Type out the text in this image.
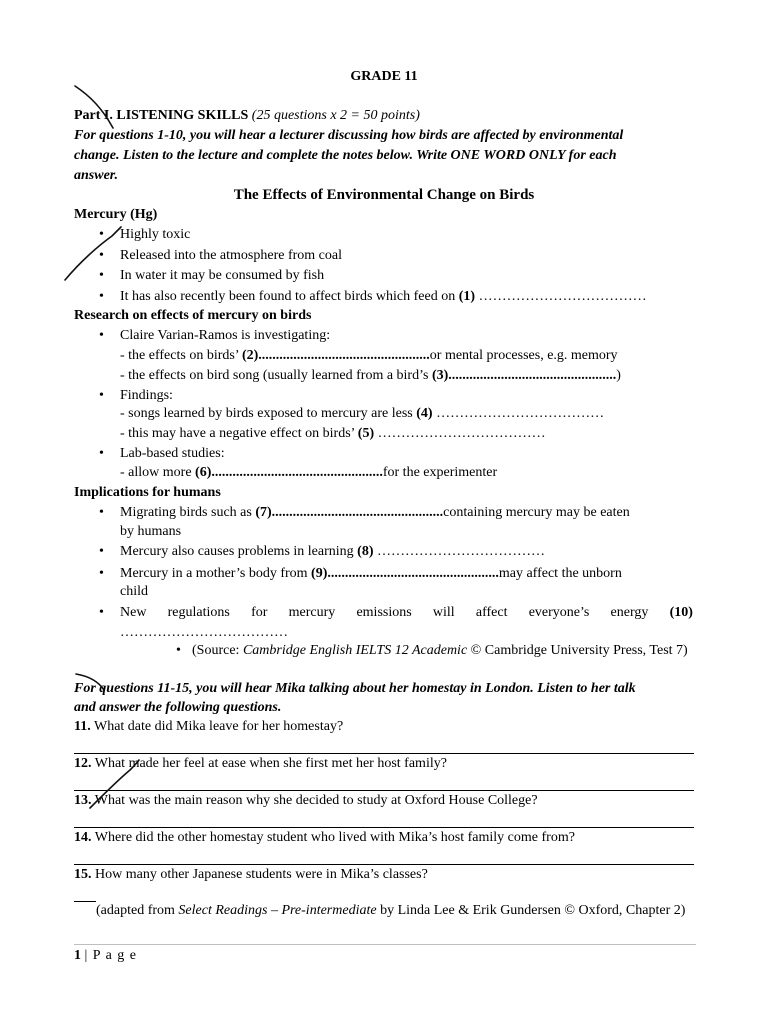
GRADE 11
Part I. LISTENING SKILLS (25 questions x 2 = 50 points)
For questions 1-10, you will hear a lecturer discussing how birds are affected by environmental
change. Listen to the lecture and complete the notes below. Write ONE WORD ONLY for each
answer.
The Effects of Environmental Change on Birds
Mercury (Hg)
• Highly toxic
• Released into the atmosphere from coal
• In water it may be consumed by fish
• It has also recently been found to affect birds which feed on (1) ………………………………
Research on effects of mercury on birds
• Claire Varian-Ramos is investigating:
- the effects on birds’ (2).................................................or mental processes, e.g. memory
- the effects on bird song (usually learned from a bird’s (3)................................................)
• Findings:
- songs learned by birds exposed to mercury are less (4) ………………………………
- this may have a negative effect on birds’ (5) ………………………………
• Lab-based studies:
- allow more (6).................................................for the experimenter
Implications for humans
• Migrating birds such as (7).................................................containing mercury may be eaten
by humans
• Mercury also causes problems in learning (8) ………………………………
• Mercury in a mother’s body from (9).................................................may affect the unborn
child
• New regulations for mercury emissions will affect everyone’s energy (10)
………………………………
• (Source: Cambridge English IELTS 12 Academic © Cambridge University Press, Test 7)
For questions 11-15, you will hear Mika talking about her homestay in London. Listen to her talk
and answer the following questions.
11. What date did Mika leave for her homestay?
12. What made her feel at ease when she first met her host family?
13. What was the main reason why she decided to study at Oxford House College?
14. Where did the other homestay student who lived with Mika’s host family come from?
15. How many other Japanese students were in Mika’s classes?
(adapted from Select Readings – Pre-intermediate by Linda Lee & Erik Gundersen © Oxford, Chapter 2)
1 | P a g e
